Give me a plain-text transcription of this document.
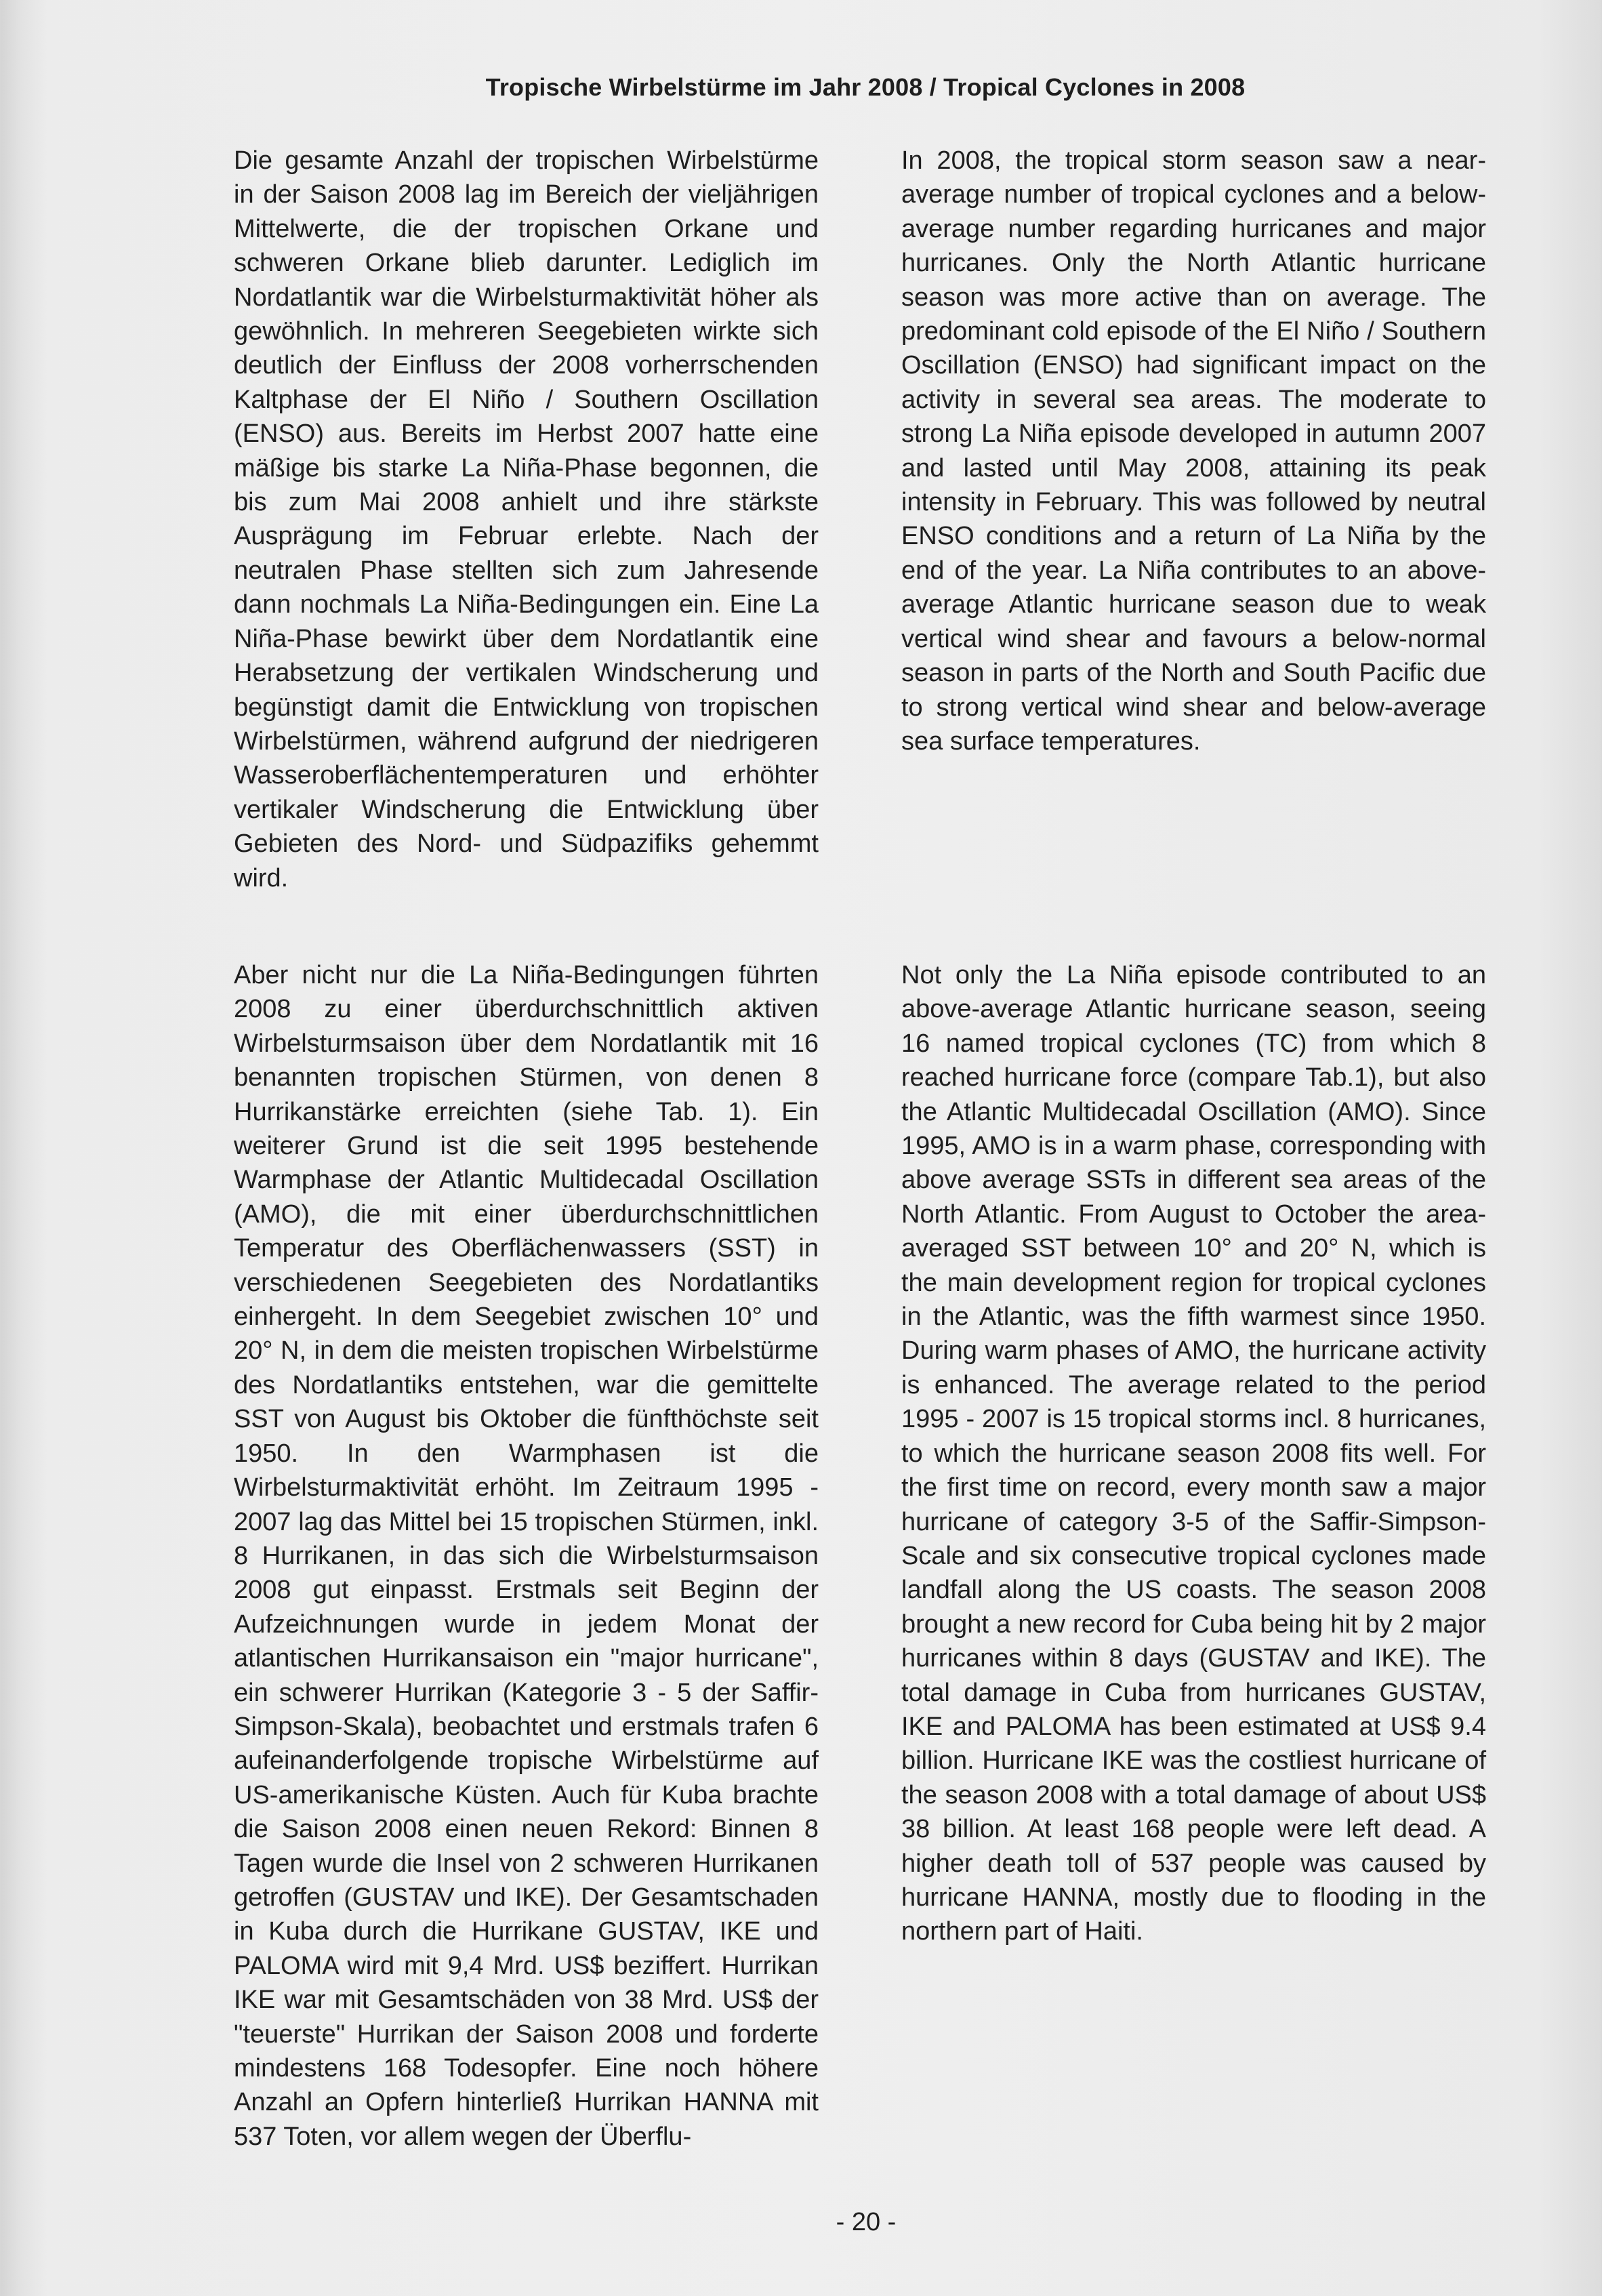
Tropische Wirbelstürme im Jahr 2008 / Tropical Cyclones in 2008

Die gesamte Anzahl der tropischen Wirbelstürme in der Saison 2008 lag im Bereich der vieljährigen Mittelwerte, die der tropischen Orkane und schweren Orkane blieb darunter. Lediglich im Nordatlantik war die Wirbelsturmaktivität höher als gewöhnlich. In mehreren Seegebieten wirkte sich deutlich der Einfluss der 2008 vorherrschenden Kaltphase der El Niño / Southern Oscillation (ENSO) aus. Bereits im Herbst 2007 hatte eine mäßige bis starke La Niña-Phase begonnen, die bis zum Mai 2008 anhielt und ihre stärkste Ausprägung im Februar erlebte. Nach der neutralen Phase stellten sich zum Jahresende dann nochmals La Niña-Bedingungen ein. Eine La Niña-Phase bewirkt über dem Nordatlantik eine Herabsetzung der vertikalen Windscherung und begünstigt damit die Entwicklung von tropischen Wirbelstürmen, während aufgrund der niedrigeren Wasseroberflächentemperaturen und erhöhter vertikaler Windscherung die Entwicklung über Gebieten des Nord- und Südpazifiks gehemmt wird.

In 2008, the tropical storm season saw a near-average number of tropical cyclones and a below-average number regarding hurricanes and major hurricanes. Only the North Atlantic hurricane season was more active than on average. The predominant cold episode of the El Niño / Southern Oscillation (ENSO) had significant impact on the activity in several sea areas. The moderate to strong La Niña episode developed in autumn 2007 and lasted until May 2008, attaining its peak intensity in February. This was followed by neutral ENSO conditions and a return of La Niña by the end of the year. La Niña contributes to an above-average Atlantic hurricane season due to weak vertical wind shear and favours a below-normal season in parts of the North and South Pacific due to strong vertical wind shear and below-average sea surface temperatures.

Aber nicht nur die La Niña-Bedingungen führten 2008 zu einer überdurchschnittlich aktiven Wirbelsturmsaison über dem Nordatlantik mit 16 benannten tropischen Stürmen, von denen 8 Hurrikanstärke erreichten (siehe Tab. 1). Ein weiterer Grund ist die seit 1995 bestehende Warmphase der Atlantic Multidecadal Oscillation (AMO), die mit einer überdurchschnittlichen Temperatur des Oberflächenwassers (SST) in verschiedenen Seegebieten des Nordatlantiks einhergeht. In dem Seegebiet zwischen 10° und 20° N, in dem die meisten tropischen Wirbelstürme des Nordatlantiks entstehen, war die gemittelte SST von August bis Oktober die fünfthöchste seit 1950. In den Warmphasen ist die Wirbelsturmaktivität erhöht. Im Zeitraum 1995 - 2007 lag das Mittel bei 15 tropischen Stürmen, inkl. 8 Hurrikanen, in das sich die Wirbelsturmsaison 2008 gut einpasst. Erstmals seit Beginn der Aufzeichnungen wurde in jedem Monat der atlantischen Hurrikansaison ein "major hurricane", ein schwerer Hurrikan (Kategorie 3 - 5 der Saffir-Simpson-Skala), beobachtet und erstmals trafen 6 aufeinanderfolgende tropische Wirbelstürme auf US-amerikanische Küsten. Auch für Kuba brachte die Saison 2008 einen neuen Rekord: Binnen 8 Tagen wurde die Insel von 2 schweren Hurrikanen getroffen (GUSTAV und IKE). Der Gesamtschaden in Kuba durch die Hurrikane GUSTAV, IKE und PALOMA wird mit 9,4 Mrd. US$ beziffert. Hurrikan IKE war mit Gesamtschäden von 38 Mrd. US$ der "teuerste" Hurrikan der Saison 2008 und forderte mindestens 168 Todesopfer. Eine noch höhere Anzahl an Opfern hinterließ Hurrikan HANNA mit 537 Toten, vor allem wegen der Überflu-

Not only the La Niña episode contributed to an above-average Atlantic hurricane season, seeing 16 named tropical cyclones (TC) from which 8 reached hurricane force (compare Tab.1), but also the Atlantic Multidecadal Oscillation (AMO). Since 1995, AMO is in a warm phase, corresponding with above average SSTs in different sea areas of the North Atlantic. From August to October the area-averaged SST between 10° and 20° N, which is the main development region for tropical cyclones in the Atlantic, was the fifth warmest since 1950. During warm phases of AMO, the hurricane activity is enhanced. The average related to the period 1995 - 2007 is 15 tropical storms incl. 8 hurricanes, to which the hurricane season 2008 fits well. For the first time on record, every month saw a major hurricane of category 3-5 of the Saffir-Simpson-Scale and six consecutive tropical cyclones made landfall along the US coasts. The season 2008 brought a new record for Cuba being hit by 2 major hurricanes within 8 days (GUSTAV and IKE). The total damage in Cuba from hurricanes GUSTAV, IKE and PALOMA has been estimated at US$ 9.4 billion. Hurricane IKE was the costliest hurricane of the season 2008 with a total damage of about US$ 38 billion. At least 168 people were left dead. A higher death toll of 537 people was caused by hurricane HANNA, mostly due to flooding in the northern part of Haiti.

- 20 -
